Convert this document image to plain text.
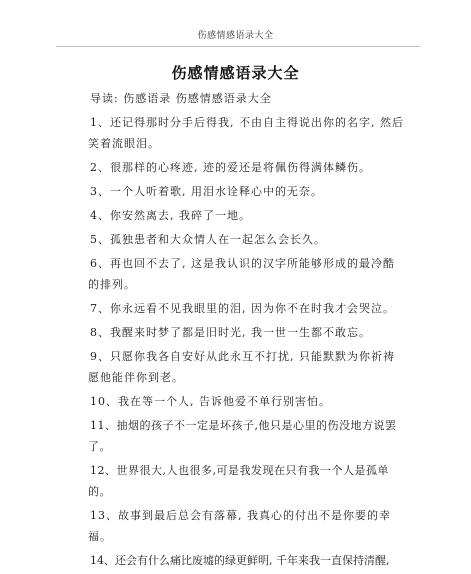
伤感情感语录大全
伤感情感语录大全
导读: 伤感语录 伤感情感语录大全
1、还记得那时分手后得我, 不由自主得说出你的名字, 然后笑着流眼泪。
2、很那样的心疼迹, 迹的爱还是将佩伤得满体鳞伤。
3、一个人听着歌, 用泪水诠释心中的无奈。
4、你安然离去, 我碎了一地。
5、孤独患者和大众情人在一起怎么会长久。
6、再也回不去了, 这是我认识的汉字所能够形成的最冷酷的排列。
7、你永远看不见我眼里的泪, 因为你不在时我才会哭泣。
8、我醒来时梦了都是旧时光, 我一世一生都不敢忘。
9、只愿你我各自安好从此永互不打扰, 只能默默为你祈祷愿他能伴你到老。
10、我在等一个人, 告诉他爱不单行别害怕。
11、抽烟的孩子不一定是坏孩子,他只是心里的伤没地方说罢了。
12、世界很大,人也很多,可是我发现在只有我一个人是孤单的。
13、故事到最后总会有落幕, 我真心的付出不是你要的幸福。
14、还会有什么痛比废墟的绿更鲜明, 千年来我一直保持清醒,
